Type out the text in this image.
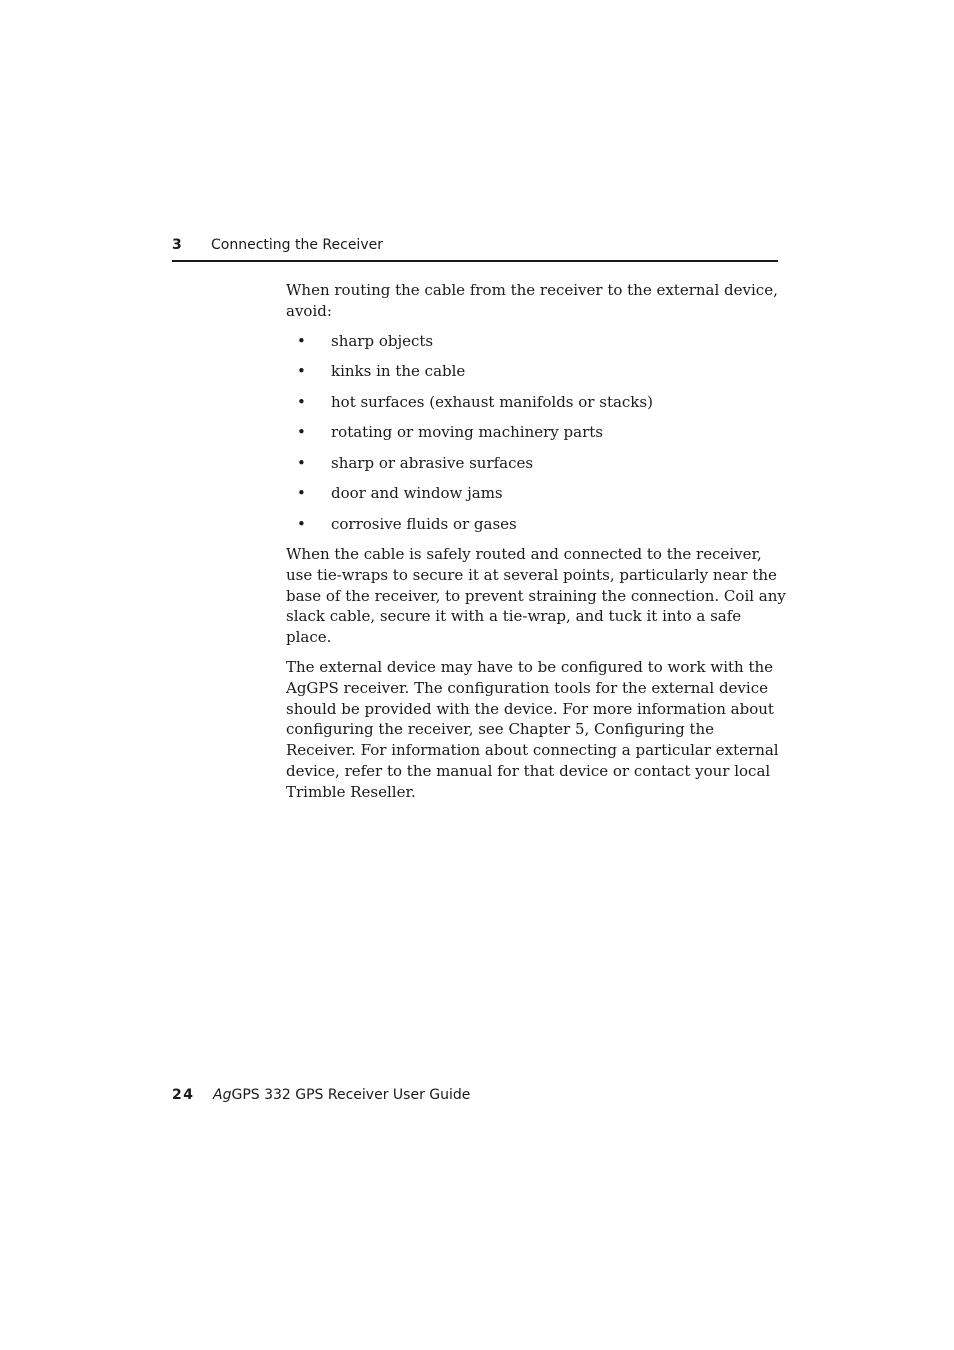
3 Connecting the Receiver

When routing the cable from the receiver to the external device, avoid:

• sharp objects
• kinks in the cable
• hot surfaces (exhaust manifolds or stacks)
• rotating or moving machinery parts
• sharp or abrasive surfaces
• door and window jams
• corrosive fluids or gases

When the cable is safely routed and connected to the receiver, use tie-wraps to secure it at several points, particularly near the base of the receiver, to prevent straining the connection. Coil any slack cable, secure it with a tie-wrap, and tuck it into a safe place.

The external device may have to be configured to work with the AgGPS receiver. The configuration tools for the external device should be provided with the device. For more information about configuring the receiver, see Chapter 5, Configuring the Receiver. For information about connecting a particular external device, refer to the manual for that device or contact your local Trimble Reseller.

24 AgGPS 332 GPS Receiver User Guide
